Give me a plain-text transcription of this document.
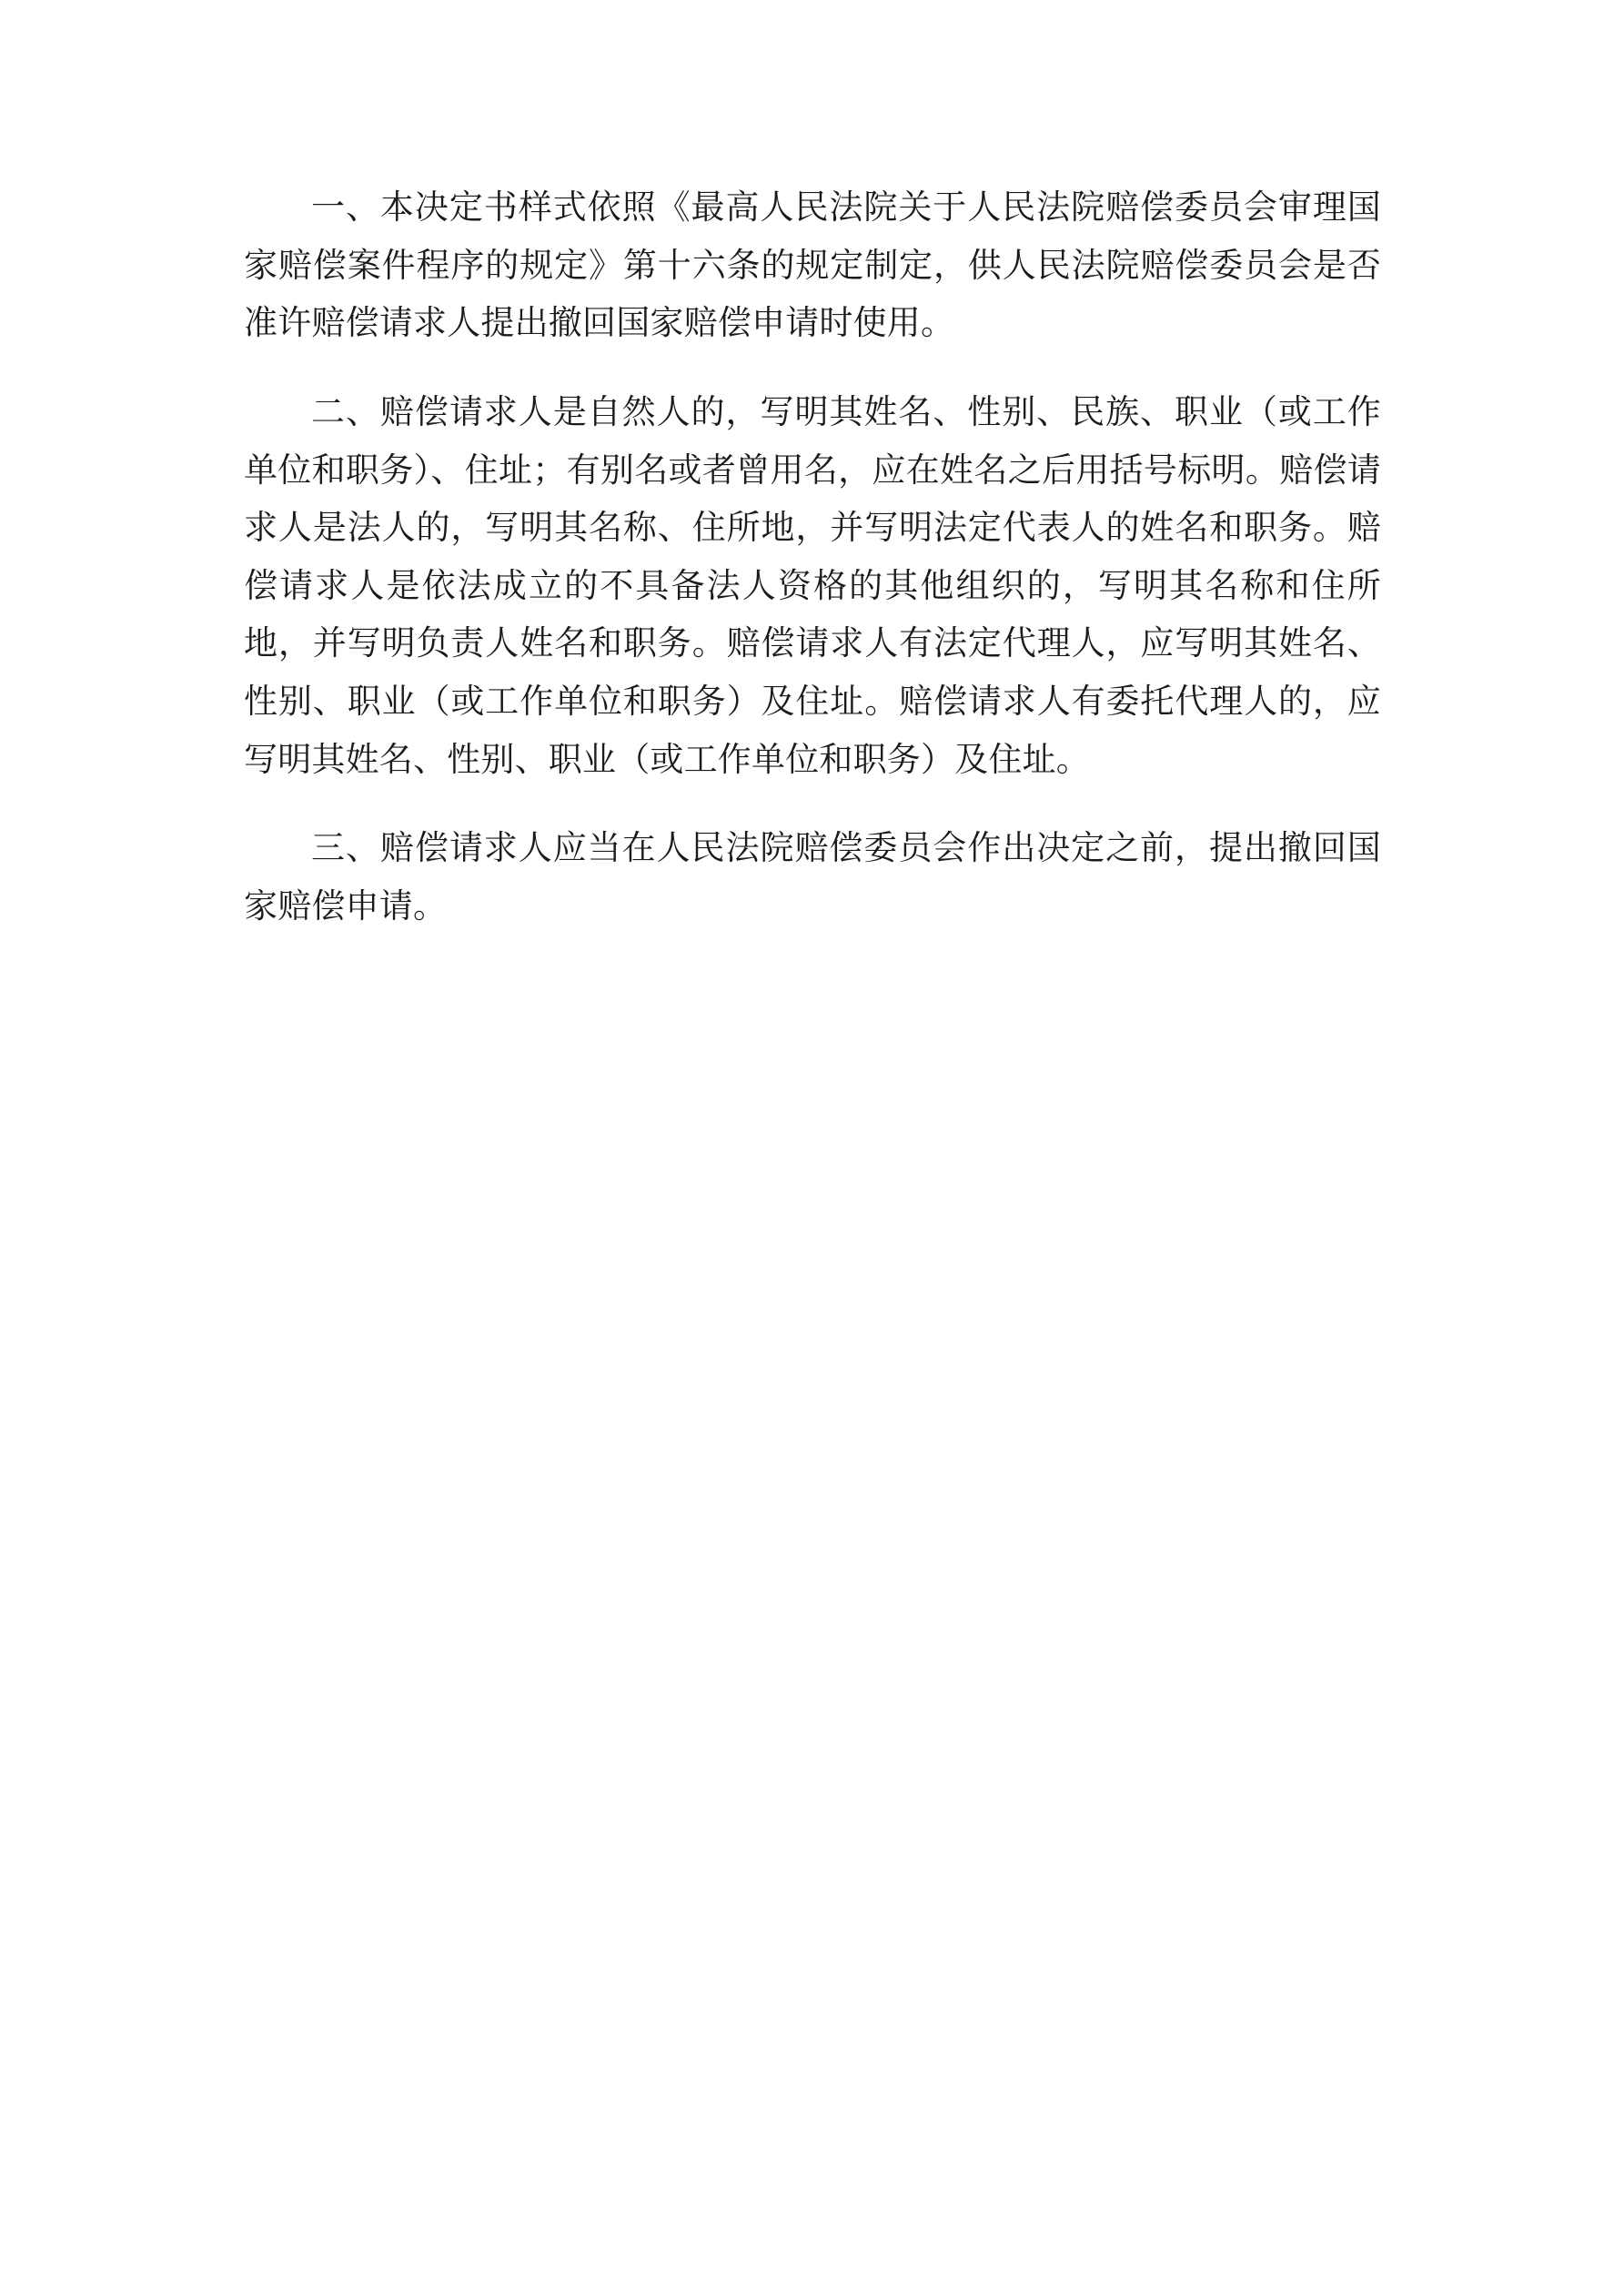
一、本决定书样式依照《最高人民法院关于人民法院赔偿委员会审理国家赔偿案件程序的规定》第十六条的规定制定，供人民法院赔偿委员会是否准许赔偿请求人提出撤回国家赔偿申请时使用。

二、赔偿请求人是自然人的，写明其姓名、性别、民族、职业（或工作单位和职务）、住址；有别名或者曾用名，应在姓名之后用括号标明。赔偿请求人是法人的，写明其名称、住所地，并写明法定代表人的姓名和职务。赔偿请求人是依法成立的不具备法人资格的其他组织的，写明其名称和住所地，并写明负责人姓名和职务。赔偿请求人有法定代理人，应写明其姓名、性别、职业（或工作单位和职务）及住址。赔偿请求人有委托代理人的，应写明其姓名、性别、职业（或工作单位和职务）及住址。

三、赔偿请求人应当在人民法院赔偿委员会作出决定之前，提出撤回国家赔偿申请。
